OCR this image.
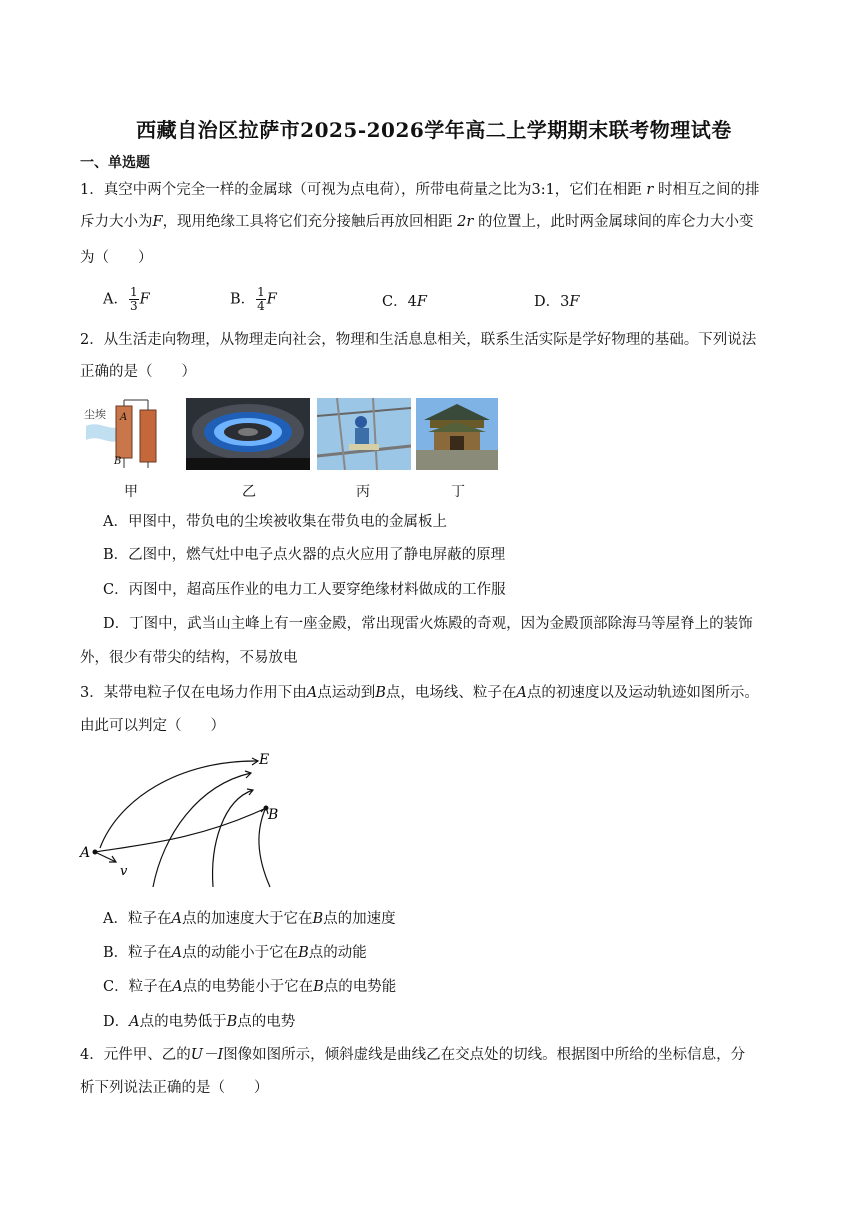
西藏自治区拉萨市2025-2026学年高二上学期期末联考物理试卷
一、单选题
1．真空中两个完全一样的金属球（可视为点电荷），所带电荷量之比为3:1，它们在相距 r 时相互之间的排
斥力大小为F，现用绝缘工具将它们充分接触后再放回相距 2r 的位置上，此时两金属球间的库仑力大小变
为（　　）
A． $\frac{1}{3}$ F	B． $\frac{1}{4}$ F	C．4F	D．3F
2．从生活走向物理，从物理走向社会，物理和生活息息相关，联系生活实际是学好物理的基础。下列说法
正确的是（　　）
尘埃 A
B
甲	乙	丙	丁
A．甲图中，带负电的尘埃被收集在带负电的金属板上
B．乙图中，燃气灶中电子点火器的点火应用了静电屏蔽的原理
C．丙图中，超高压作业的电力工人要穿绝缘材料做成的工作服
D．丁图中，武当山主峰上有一座金殿，常出现雷火炼殿的奇观，因为金殿顶部除海马等屋脊上的装饰
外，很少有带尖的结构，不易放电
3．某带电粒子仅在电场力作用下由A点运动到B点，电场线、粒子在A点的初速度以及运动轨迹如图所示。
由此可以判定（　　）
E
A
B
v
A．粒子在A点的加速度大于它在B点的加速度
B．粒子在A点的动能小于它在B点的动能
C．粒子在A点的电势能小于它在B点的电势能
D．A点的电势低于B点的电势
4．元件甲、乙的U－I图像如图所示，倾斜虚线是曲线乙在交点处的切线。根据图中所给的坐标信息，分
析下列说法正确的是（　　）
